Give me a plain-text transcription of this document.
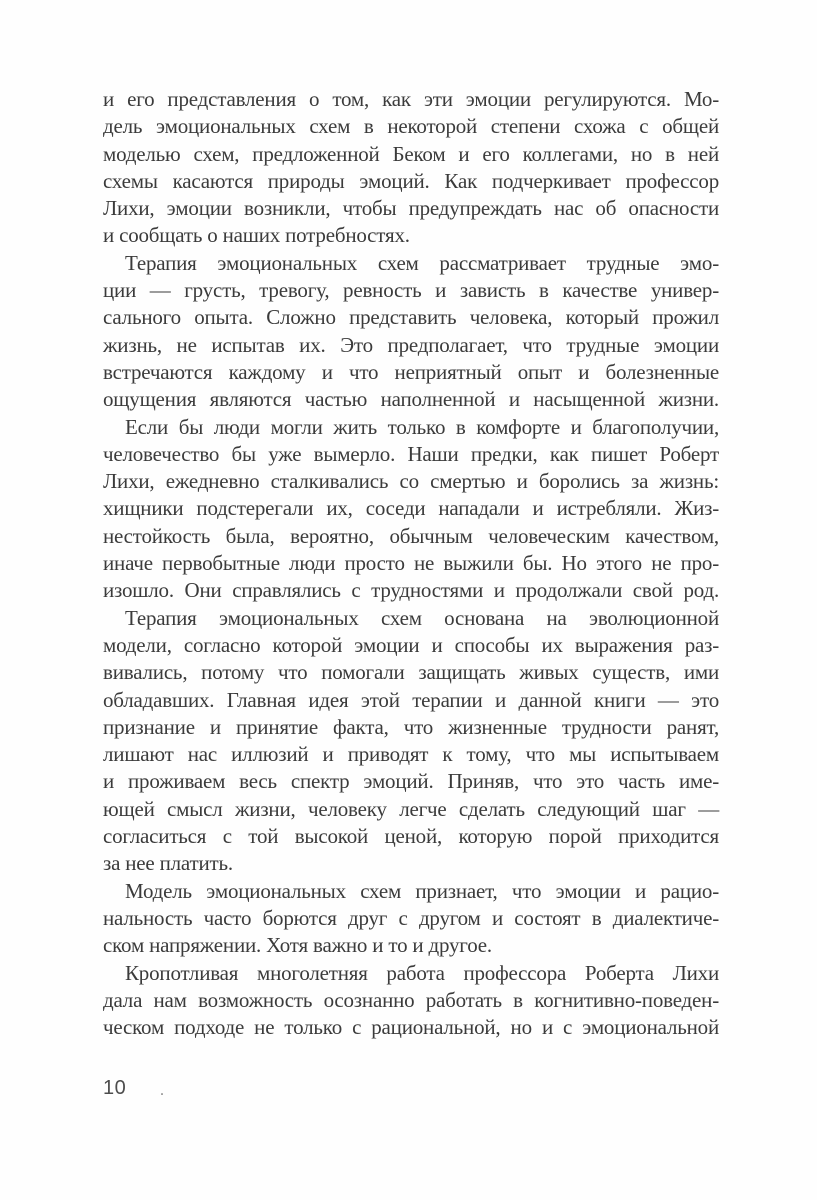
и его представления о том, как эти эмоции регулируются. Мо-
дель эмоциональных схем в некоторой степени схожа с общей
моделью схем, предложенной Беком и его коллегами, но в ней
схемы касаются природы эмоций. Как подчеркивает профессор
Лихи, эмоции возникли, чтобы предупреждать нас об опасности
и сообщать о наших потребностях.
Терапия эмоциональных схем рассматривает трудные эмо-
ции — грусть, тревогу, ревность и зависть в качестве универ-
сального опыта. Сложно представить человека, который прожил
жизнь, не испытав их. Это предполагает, что трудные эмоции
встречаются каждому и что неприятный опыт и болезненные
ощущения являются частью наполненной и насыщенной жизни.
Если бы люди могли жить только в комфорте и благополучии,
человечество бы уже вымерло. Наши предки, как пишет Роберт
Лихи, ежедневно сталкивались со смертью и боролись за жизнь:
хищники подстерегали их, соседи нападали и истребляли. Жиз-
нестойкость была, вероятно, обычным человеческим качеством,
иначе первобытные люди просто не выжили бы. Но этого не про-
изошло. Они справлялись с трудностями и продолжали свой род.
Терапия эмоциональных схем основана на эволюционной
модели, согласно которой эмоции и способы их выражения раз-
вивались, потому что помогали защищать живых существ, ими
обладавших. Главная идея этой терапии и данной книги — это
признание и принятие факта, что жизненные трудности ранят,
лишают нас иллюзий и приводят к тому, что мы испытываем
и проживаем весь спектр эмоций. Приняв, что это часть име-
ющей смысл жизни, человеку легче сделать следующий шаг —
согласиться с той высокой ценой, которую порой приходится
за нее платить.
Модель эмоциональных схем признает, что эмоции и рацио-
нальность часто борются друг с другом и состоят в диалектиче-
ском напряжении. Хотя важно и то и другое.
Кропотливая многолетняя работа профессора Роберта Лихи
дала нам возможность осознанно работать в когнитивно-поведен-
ческом подходе не только с рациональной, но и с эмоциональной
10 .
